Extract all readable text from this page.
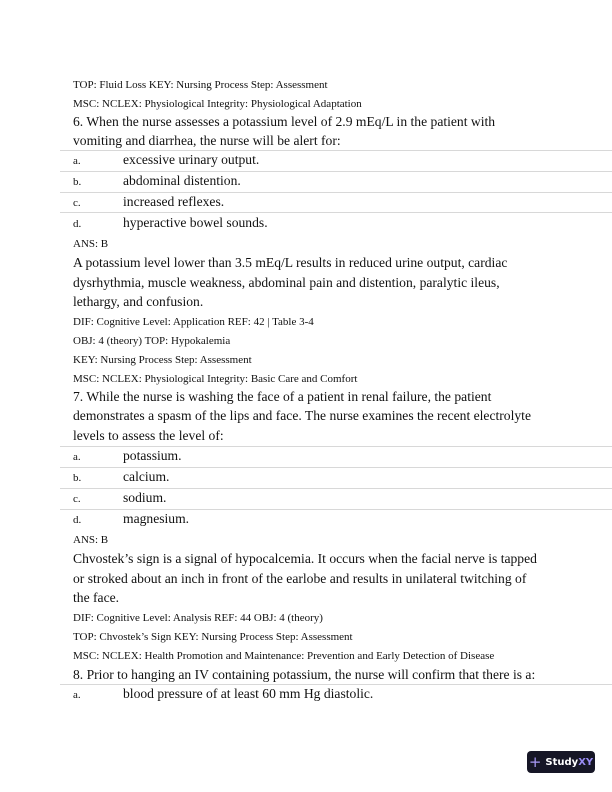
TOP: Fluid Loss KEY: Nursing Process Step: Assessment
MSC: NCLEX: Physiological Integrity: Physiological Adaptation
6. When the nurse assesses a potassium level of 2.9 mEq/L in the patient with
vomiting and diarrhea, the nurse will be alert for:
a.	excessive urinary output.
b.	abdominal distention.
c.	increased reflexes.
d.	hyperactive bowel sounds.
ANS: B
A potassium level lower than 3.5 mEq/L results in reduced urine output, cardiac
dysrhythmia, muscle weakness, abdominal pain and distention, paralytic ileus,
lethargy, and confusion.
DIF: Cognitive Level: Application REF: 42 | Table 3-4
OBJ: 4 (theory) TOP: Hypokalemia
KEY: Nursing Process Step: Assessment
MSC: NCLEX: Physiological Integrity: Basic Care and Comfort
7. While the nurse is washing the face of a patient in renal failure, the patient
demonstrates a spasm of the lips and face. The nurse examines the recent electrolyte
levels to assess the level of:
a.	potassium.
b.	calcium.
c.	sodium.
d.	magnesium.
ANS: B
Chvostek’s sign is a signal of hypocalcemia. It occurs when the facial nerve is tapped
or stroked about an inch in front of the earlobe and results in unilateral twitching of
the face.
DIF: Cognitive Level: Analysis REF: 44 OBJ: 4 (theory)
TOP: Chvostek’s Sign KEY: Nursing Process Step: Assessment
MSC: NCLEX: Health Promotion and Maintenance: Prevention and Early Detection of Disease
8. Prior to hanging an IV containing potassium, the nurse will confirm that there is a:
a.	blood pressure of at least 60 mm Hg diastolic.
+ StudyXY
